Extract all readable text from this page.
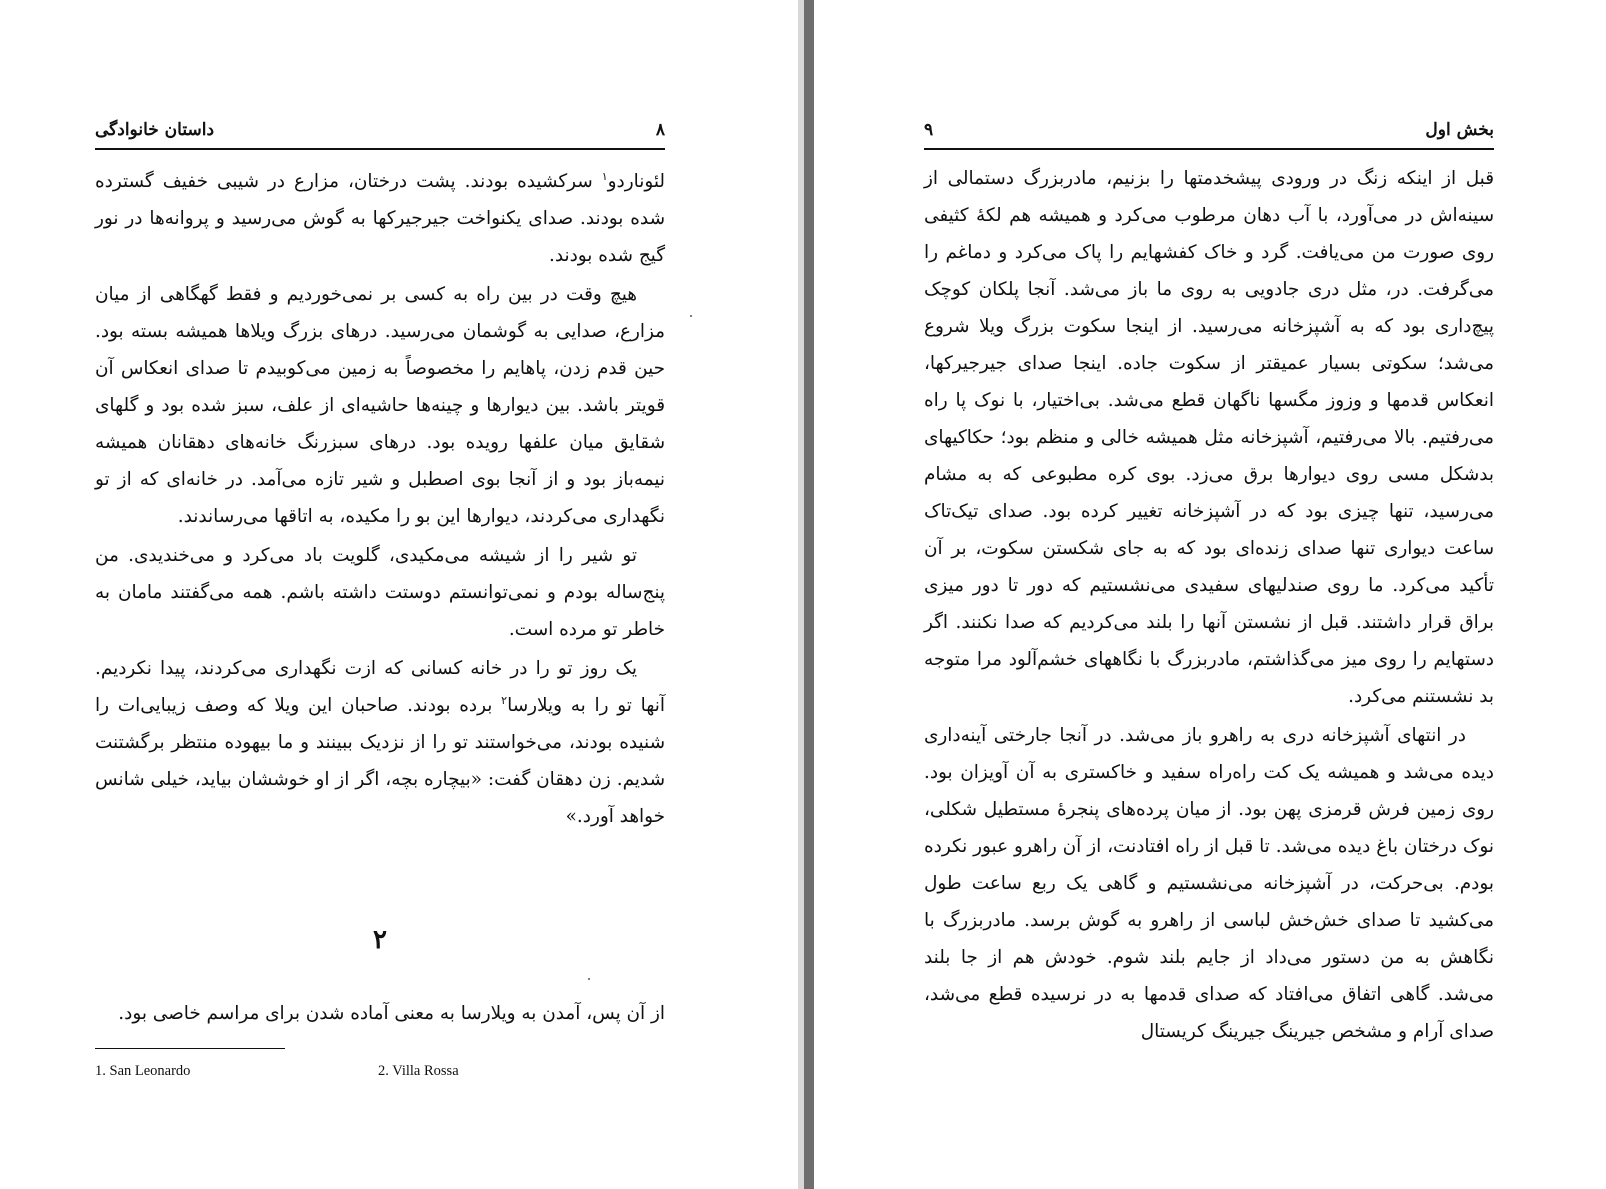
داستان خانوادگی	۸

لئوناردو$^۱$ سرکشیده بودند. پشت درختان، مزارع در شیبی خفیف گسترده شده بودند. صدای یکنواخت جیرجیرکها به گوش می‌رسید و پروانه‌ها در نور گیج شده بودند.

هیچ وقت در بین راه به کسی بر نمی‌خوردیم و فقط گهگاهی از میان مزارع، صدایی به گوشمان می‌رسید. درهای بزرگ ویلاها همیشه بسته بود. حین قدم زدن، پاهایم را مخصوصاً به زمین می‌کوبیدم تا صدای انعکاس آن قویتر باشد. بین دیوارها و چینه‌ها حاشیه‌ای از علف، سبز شده بود و گلهای شقایق میان علفها رویده بود. درهای سبزرنگ خانه‌های دهقانان همیشه نیمه‌باز بود و از آنجا بوی اصطبل و شیر تازه می‌آمد. در خانه‌ای که از تو نگهداری می‌کردند، دیوارها این بو را مکیده، به اتاقها می‌رساندند.

تو شیر را از شیشه می‌مکیدی، گلویت باد می‌کرد و می‌خندیدی. من پنج‌ساله بودم و نمی‌توانستم دوستت داشته باشم. همه می‌گفتند مامان به خاطر تو مرده است.

یک روز تو را در خانه کسانی که ازت نگهداری می‌کردند، پیدا نکردیم. آنها تو را به ویلارسا$^۲$ برده بودند. صاحبان این ویلا که وصف زیبایی‌ات را شنیده بودند، می‌خواستند تو را از نزدیک ببینند و ما بیهوده منتظر برگشتنت شدیم. زن دهقان گفت: «بیچاره بچه، اگر از او خوششان بیاید، خیلی شانس خواهد آورد.»

۲
از آن پس، آمدن به ویلارسا به معنی آماده شدن برای مراسم خاصی بود.
1. San Leonardo	2. Villa Rossa
بخش اول
۹

قبل از اینکه زنگ در ورودی پیشخدمتها را بزنیم، مادربزرگ دستمالی از سینه‌اش در می‌آورد، با آب دهان مرطوب می‌کرد و همیشه هم لکهٔ کثیفی روی صورت من می‌یافت. گرد و خاک کفشهایم را پاک می‌کرد و دماغم را می‌گرفت. در، مثل دری جادویی به روی ما باز می‌شد. آنجا پلکان کوچک پیچ‌داری بود که به آشپزخانه می‌رسید. از اینجا سکوت بزرگ ویلا شروع می‌شد؛ سکوتی بسیار عمیقتر از سکوت جاده. اینجا صدای جیرجیرکها، انعکاس قدمها و وزوز مگسها ناگهان قطع می‌شد. بی‌اختیار، با نوک پا راه می‌رفتیم. بالا می‌رفتیم، آشپزخانه مثل همیشه خالی و منظم بود؛ حکاکیهای بدشکل مسی روی دیوارها برق می‌زد. بوی کره مطبوعی که به مشام می‌رسید، تنها چیزی بود که در آشپزخانه تغییر کرده بود. صدای تیک‌تاک ساعت دیواری تنها صدای زنده‌ای بود که به جای شکستن سکوت، بر آن تأکید می‌کرد. ما روی صندلیهای سفیدی می‌نشستیم که دور تا دور میزی براق قرار داشتند. قبل از نشستن آنها را بلند می‌کردیم که صدا نکنند. اگر دستهایم را روی میز می‌گذاشتم، مادربزرگ با نگاههای خشم‌آلود مرا متوجه بد نشستنم می‌کرد.

در انتهای آشپزخانه دری به راهرو باز می‌شد. در آنجا جارختی آینه‌داری دیده می‌شد و همیشه یک کت راه‌راه سفید و خاکستری به آن آویزان بود. روی زمین فرش قرمزی پهن بود. از میان پرده‌های پنجرهٔ مستطیل شکلی، نوک درختان باغ دیده می‌شد. تا قبل از راه افتادنت، از آن راهرو عبور نکرده بودم. بی‌حرکت، در آشپزخانه می‌نشستیم و گاهی یک ربع ساعت طول می‌کشید تا صدای خش‌خش لباسی از راهرو به گوش برسد. مادربزرگ با نگاهش به من دستور می‌داد از جایم بلند شوم. خودش هم از جا بلند می‌شد. گاهی اتفاق می‌افتاد که صدای قدمها به در نرسیده قطع می‌شد، صدای آرام و مشخص جیرینگ جیرینگ کریستال
